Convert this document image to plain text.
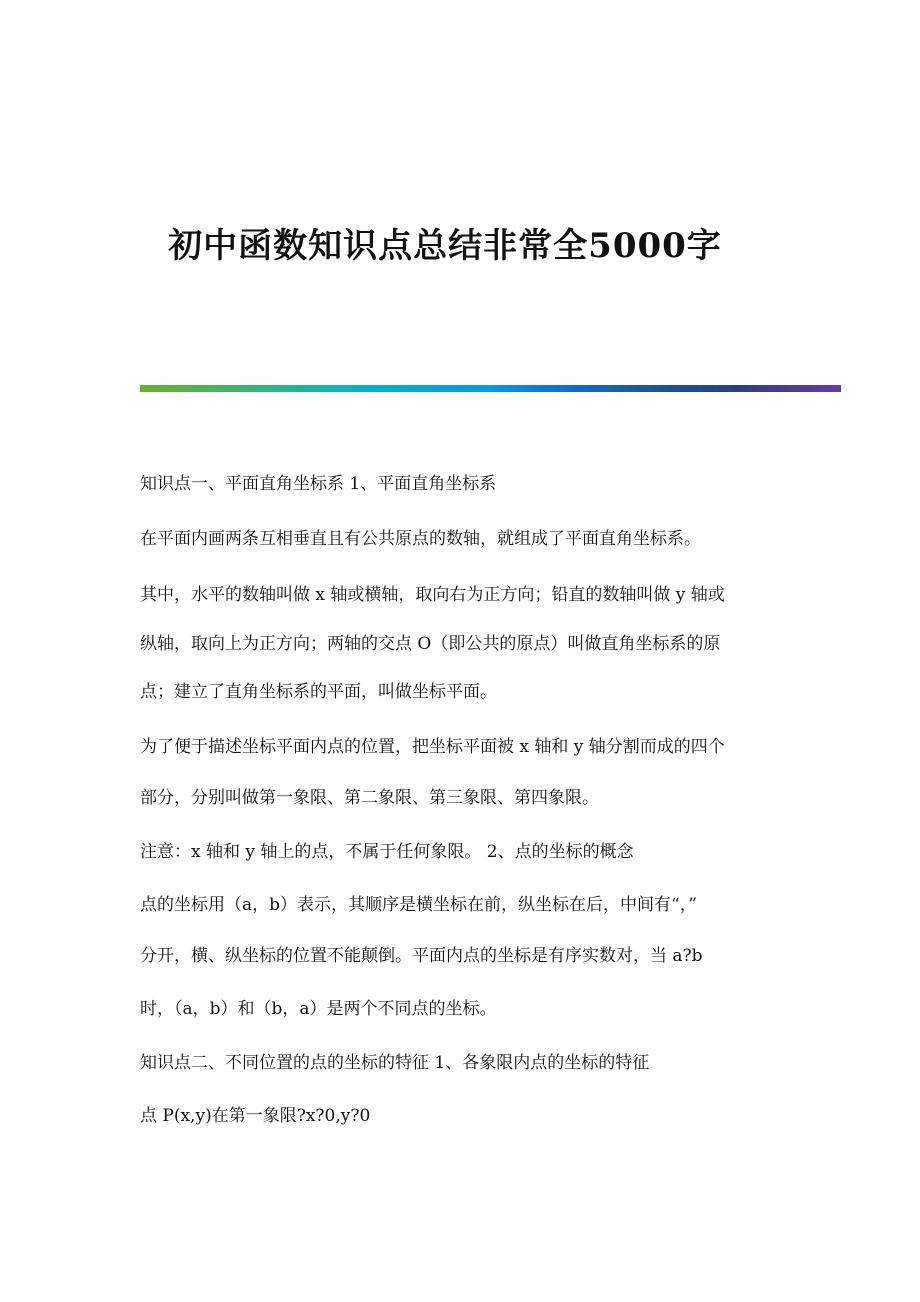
初中函数知识点总结非常全5000字
知识点一、平面直角坐标系 1、平面直角坐标系
在平面内画两条互相垂直且有公共原点的数轴，就组成了平面直角坐标系。
其中，水平的数轴叫做 x 轴或横轴，取向右为正方向；铅直的数轴叫做 y 轴或
纵轴，取向上为正方向；两轴的交点 O（即公共的原点）叫做直角坐标系的原
点；建立了直角坐标系的平面，叫做坐标平面。
为了便于描述坐标平面内点的位置，把坐标平面被 x 轴和 y 轴分割而成的四个
部分，分别叫做第一象限、第二象限、第三象限、第四象限。
注意：x 轴和 y 轴上的点，不属于任何象限。 2、点的坐标的概念
点的坐标用（a，b）表示，其顺序是横坐标在前，纵坐标在后，中间有“，”
分开，横、纵坐标的位置不能颠倒。平面内点的坐标是有序实数对，当 a?b
时，（a，b）和（b，a）是两个不同点的坐标。
知识点二、不同位置的点的坐标的特征 1、各象限内点的坐标的特征
点 P(x,y)在第一象限?x?0,y?0
